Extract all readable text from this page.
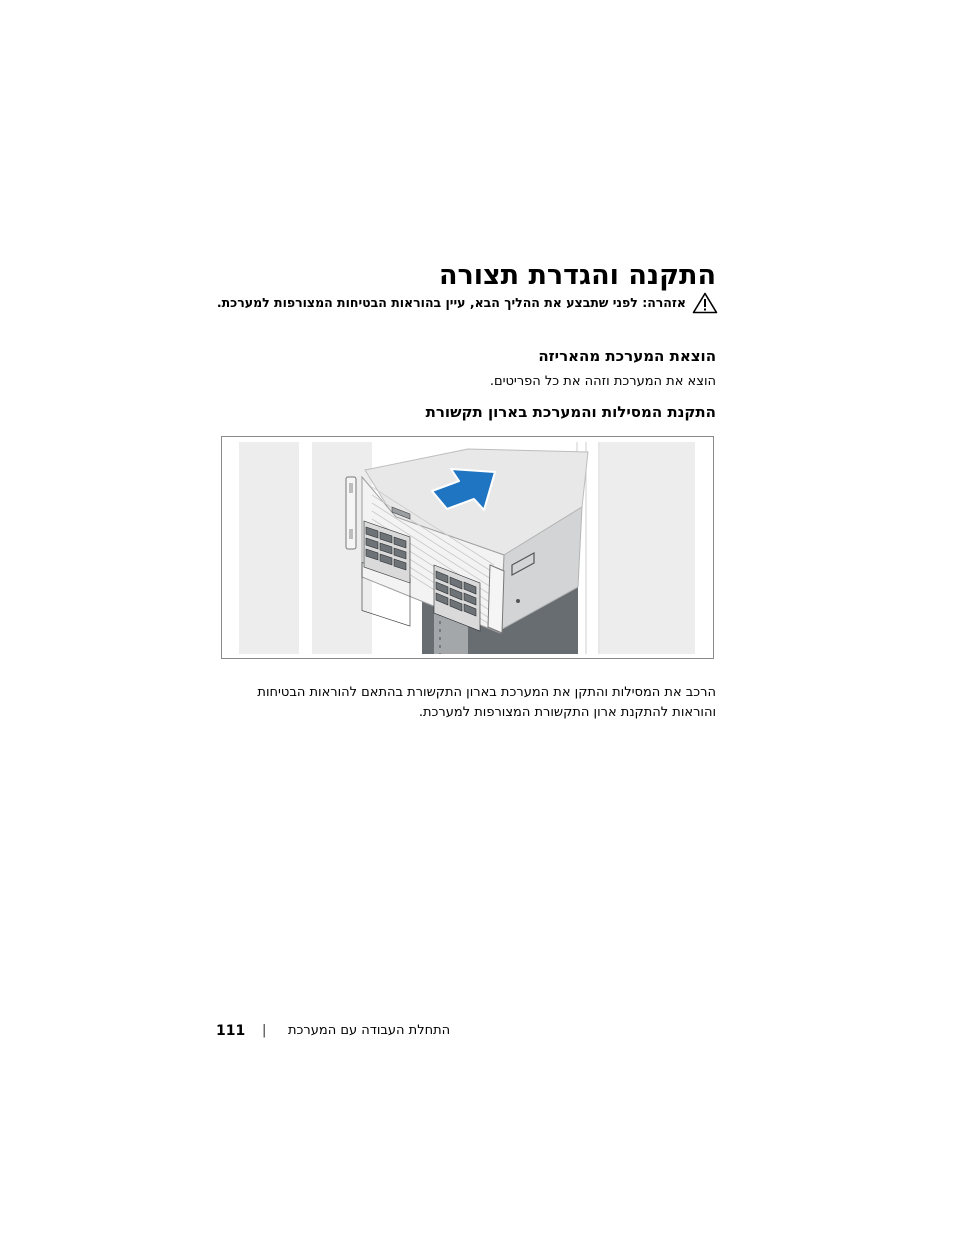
התקנה והגדרת תצורה
אזהרה: לפני שתבצע את ההליך הבא, עיין בהוראות הבטיחות המצורפות למערכת.
הוצאת המערכת מהאריזה
הוצא את המערכת וזהה את כל הפריטים.
התקנת המסילות והמערכת בארון תקשורת
הרכב את המסילות והתקן את המערכת בארון התקשורת בהתאם להוראות הבטיחות והוראות להתקנת ארון התקשורת המצורפות למערכת.
111 | התחלת העבודה עם המערכת
